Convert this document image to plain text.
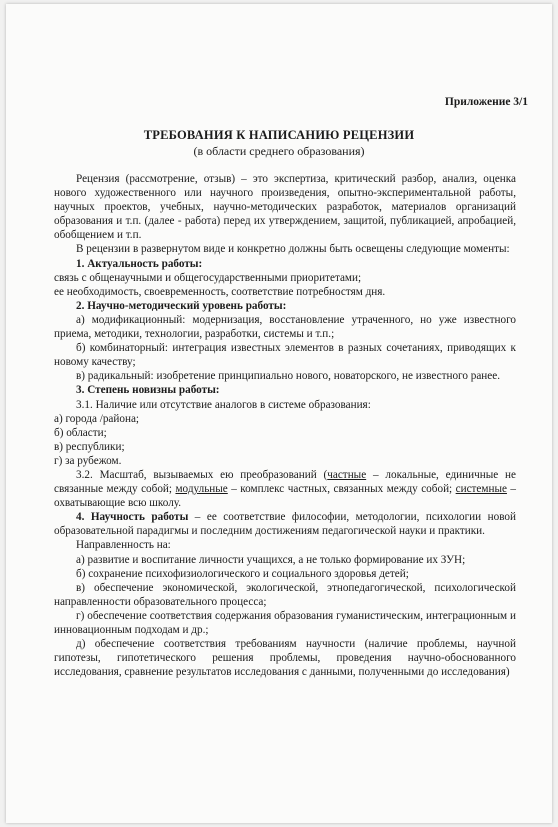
Приложение 3/1
ТРЕБОВАНИЯ К НАПИСАНИЮ РЕЦЕНЗИИ
(в области среднего образования)

Рецензия (рассмотрение, отзыв) – это экспертиза, критический разбор, анализ, оценка нового художественного или научного произведения, опытно-экспериментальной работы, научных проектов, учебных, научно-методических разработок, материалов организаций образования и т.п. (далее - работа) перед их утверждением, защитой, публикацией, апробацией, обобщением и т.п.

В рецензии в развернутом виде и конкретно должны быть освещены следующие моменты:

1. Актуальность работы:

связь с общенаучными и общегосударственными приоритетами;

ее необходимость, своевременность, соответствие потребностям дня.

2. Научно-методический уровень работы:

а) модификационный: модернизация, восстановление утраченного, но уже известного приема, методики, технологии, разработки, системы и т.п.;

б) комбинаторный: интеграция известных элементов в разных сочетаниях, приводящих к новому качеству;

в) радикальный: изобретение принципиально нового, новаторского, не известного ранее.

3. Степень новизны работы:

3.1. Наличие или отсутствие аналогов в системе образования:

а) города /района;

б) области;

в) республики;

г) за рубежом.

3.2. Масштаб, вызываемых ею преобразований (частные – локальные, единичные не связанные между собой; модульные – комплекс частных, связанных между собой; системные – охватывающие всю школу.

4. Научность работы – ее соответствие философии, методологии, психологии новой образовательной парадигмы и последним достижениям педагогической науки и практики.

Направленность на:

а) развитие и воспитание личности учащихся, а не только формирование их ЗУН;

б) сохранение психофизиологического и социального здоровья детей;

в) обеспечение экономической, экологической, этнопедагогической, психологической направленности образовательного процесса;

г) обеспечение соответствия содержания образования гуманистическим, интеграционным и инновационным подходам и др.;

д) обеспечение соответствия требованиям научности (наличие проблемы, научной гипотезы, гипотетического решения проблемы, проведения научно-обоснованного исследования, сравнение результатов исследования с данными, полученными до исследования)
